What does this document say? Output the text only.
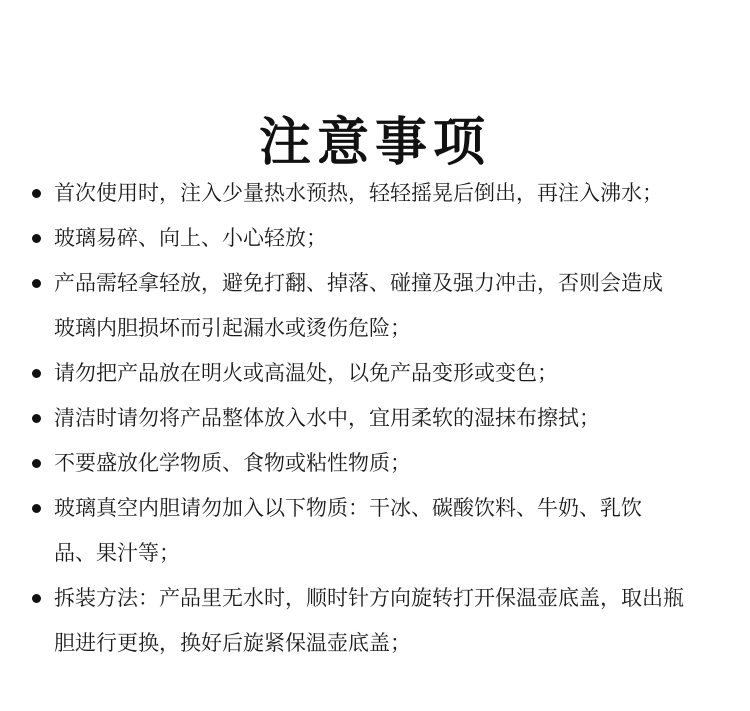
注意事项
首次使用时，注入少量热水预热，轻轻摇晃后倒出，再注入沸水；
玻璃易碎、向上、小心轻放；
产品需轻拿轻放，避免打翻、掉落、碰撞及强力冲击，否则会造成
玻璃内胆损坏而引起漏水或烫伤危险；
请勿把产品放在明火或高温处，以免产品变形或变色；
清洁时请勿将产品整体放入水中，宜用柔软的湿抹布擦拭；
不要盛放化学物质、食物或粘性物质；
玻璃真空内胆请勿加入以下物质：干冰、碳酸饮料、牛奶、乳饮
品、果汁等；
拆装方法：产品里无水时，顺时针方向旋转打开保温壶底盖，取出瓶
胆进行更换，换好后旋紧保温壶底盖；
